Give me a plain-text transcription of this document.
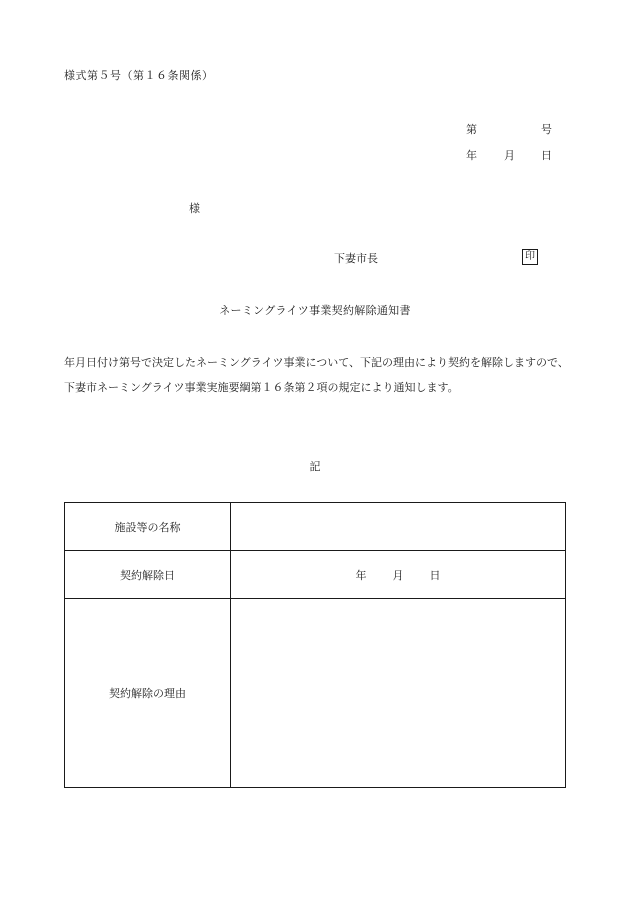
様式第５号（第１６条関係）
第	号
年 月 日
様
下妻市長	印
ネーミングライツ事業契約解除通知書
年月日付け第号で決定したネーミングライツ事業について、下記の理由により契約を解除しますので、下妻市ネーミングライツ事業実施要綱第１６条第２項の規定により通知します。
記
施設等の名称	
契約解除日	年 月 日
契約解除の理由	
